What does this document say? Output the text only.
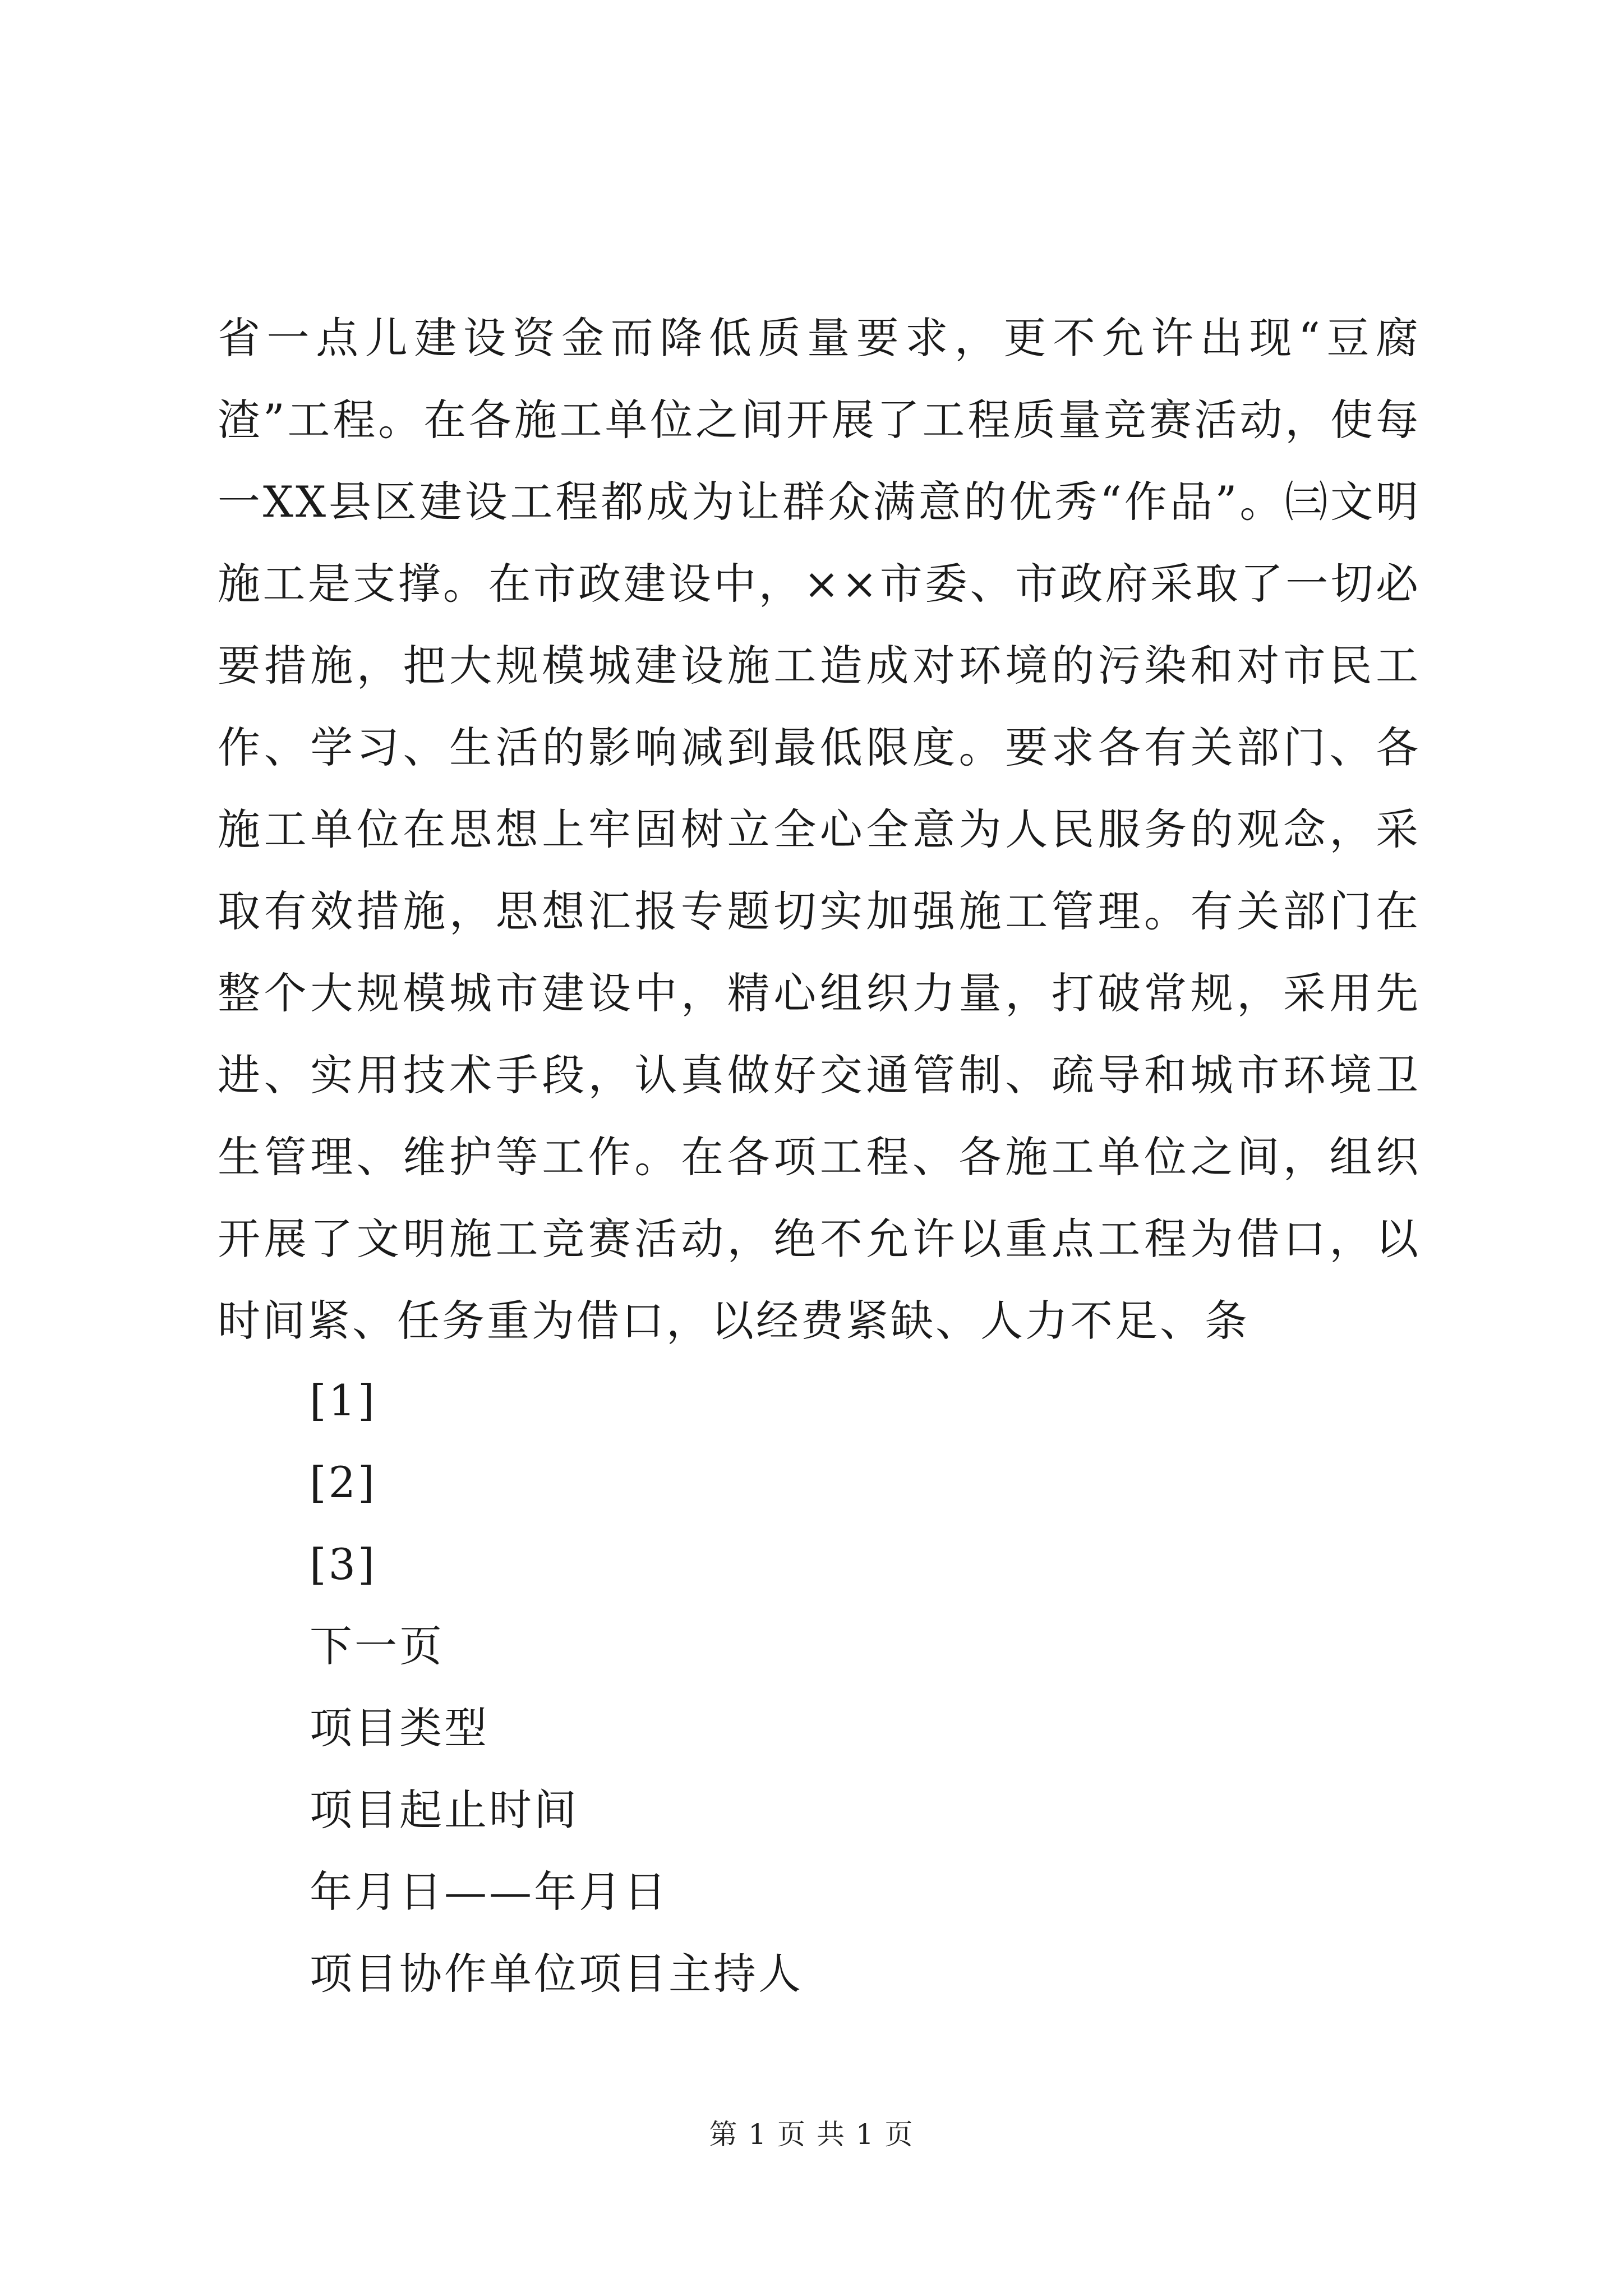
省一点儿建设资金而降低质量要求，更不允许出现“豆腐渣”工程。在各施工单位之间开展了工程质量竞赛活动，使每一XX县区建设工程都成为让群众满意的优秀“作品”。㈢文明施工是支撑。在市政建设中，××市委、市政府采取了一切必要措施，把大规模城建设施工造成对环境的污染和对市民工作、学习、生活的影响减到最低限度。要求各有关部门、各施工单位在思想上牢固树立全心全意为人民服务的观念，采取有效措施，思想汇报专题切实加强施工管理。有关部门在整个大规模城市建设中，精心组织力量，打破常规，采用先进、实用技术手段，认真做好交通管制、疏导和城市环境卫生管理、维护等工作。在各项工程、各施工单位之间，组织开展了文明施工竞赛活动，绝不允许以重点工程为借口，以时间紧、任务重为借口，以经费紧缺、人力不足、条
[1]
[2]
[3]
下一页
项目类型
项目起止时间
年月日——年月日
项目协作单位项目主持人
第 1 页 共 1 页
